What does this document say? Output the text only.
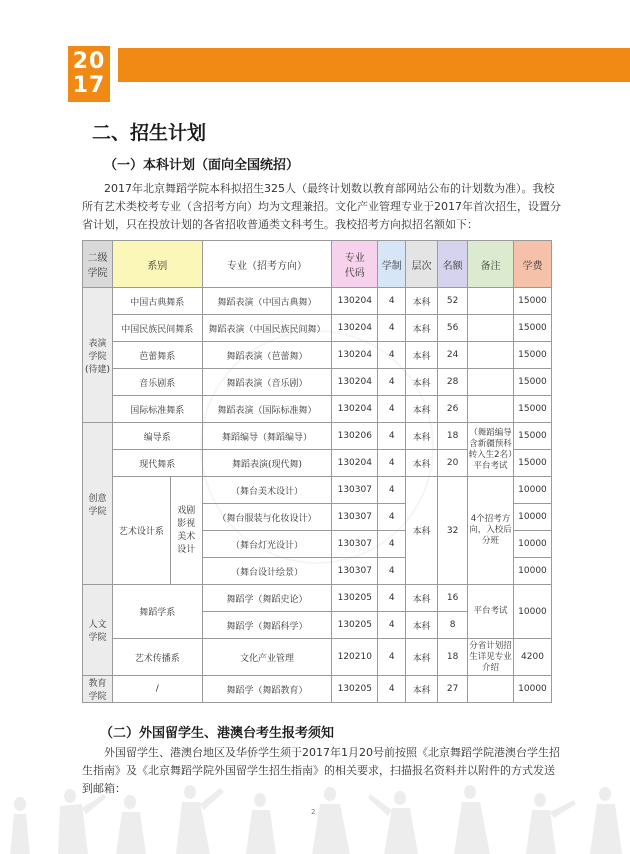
20
17
二、招生计划
（一）本科计划（面向全国统招）

2017年北京舞蹈学院本科拟招生325人（最终计划数以教育部网站公布的计划数为准）。我校所有艺术类校考专业（含招考方向）均为文理兼招。文化产业管理专业于2017年首次招生，设置分省计划，只在投放计划的各省招收普通类文科考生。我校招考方向拟招名额如下：

二级
学院	系别		专业（招考方向）	专业
代码	学制	层次	名额	备注	学费
表演
学院
(待建)	中国古典舞系		舞蹈表演（中国古典舞）	130204	4	本科	52		15000
	中国民族民间舞系		舞蹈表演（中国民族民间舞）	130204	4	本科	56		15000
	芭蕾舞系		舞蹈表演（芭蕾舞）	130204	4	本科	24		15000
	音乐剧系		舞蹈表演（音乐剧）	130204	4	本科	28		15000
	国际标准舞系		舞蹈表演（国际标准舞）	130204	4	本科	26		15000
创意
学院	编导系		舞蹈编导（舞蹈编导）	130206	4	本科	18	（舞蹈编导含新疆预科转入生2名）平台考试	15000
	现代舞系		舞蹈表演(现代舞)	130204	4	本科	20		15000
	艺术设计系	戏剧
影视
美术
设计	（舞台美术设计）	130307	4	本科	32	4个招考方向，入校后分班	10000
			（舞台服装与化妆设计）	130307	4				10000
			（舞台灯光设计）	130307	4				10000
			（舞台设计绘景）	130307	4				10000
人文
学院	舞蹈学系		舞蹈学（舞蹈史论）	130205	4	本科	16	平台考试	10000
			舞蹈学（舞蹈科学）	130205	4	本科	8		
	艺术传播系		文化产业管理	120210	4	本科	18	分省计划招生详见专业介绍	4200
教育
学院	/		舞蹈学（舞蹈教育）	130205	4	本科	27		10000
（二）外国留学生、港澳台考生报考须知

外国留学生、港澳台地区及华侨学生须于2017年1月20号前按照《北京舞蹈学院港澳台学生招生指南》及《北京舞蹈学院外国留学生招生指南》的相关要求，扫描报名资料并以附件的方式发送到邮箱：

2
